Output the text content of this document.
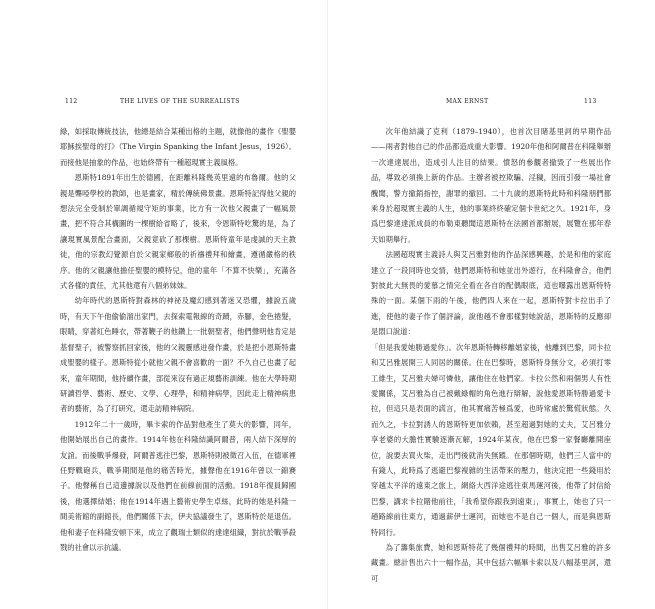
112	THE LIVES OF THE SURREALISTS

綠，如採取傳統技法，他總是結合某種出格的主題，就像他的畫作《聖嬰耶穌挨聖母的打》（The Virgin Spanking the Infant Jesus，1926）。而接他是抽象的作品，也始終帶有一種超現實主義風格。

恩斯特1891年出生於德國，在距離科隆幾英里遠的布魯爾。他的父親是聾啞學校的教師，也是畫家，精於傳統佛景畫。恩斯特記得他父親的想法完全受制於單調循規守矩的事業，比方有一次他父親畫了一幅風景畫，把不符合其構圖的一棵樹給省略了，後來，令恩斯特吃驚的是，為了讓現實風景配合畫面，父親竟砍了那棵樹。恩斯特童年是虔誠的天主教徒，他的宗教幻覺源自於父親家鄉般的祈禱禮拜和繪畫，遵循嚴格的秩序。他的父親讓他擔任聖嬰的模特兒，他的童年「不算不快樂」，充滿各式各樣的責任，尤其他還有八個弟妹妹。

幼年時代的恩斯特對森林的神祕及魔幻感到著迷又恐懼，據說五歲時，有天下午他偷偷溜出家門，去探索電報線的奇蹟，赤腳，金色捲髮，眼睛，穿著紅色睡衣，帶著鞭子的他鑽上一批朝聖者，他們聲明他肯定是基督聖子，被警察抓回家後，他的父親靈感迸發作畫，於是把小恩斯特畫成聖嬰的樣子。恩斯特從小就他父親不會喜歡的一面？不久自己也畫了起來，童年期間，他持續作畫，部從來沒有過正規藝術訓練。他在大學時期研讀哲學、藝術、歷史、文學、心理學，和精神病學，因此走上精神病患者的藝術，為了打研究，還走訪精神病院。

1912年二十一歲時，畢卡索的作品對他產生了莫大的影響，同年，他開始展出自己的畫作。1914年他在科隆結識阿爾普，兩人結下深厚的友誼。而後戰爭爆發，阿爾普逃往巴黎，恩斯特則被徵召入伍，在德軍裡任野戰砲兵，戰爭期間是他的痛苦時光，據聲他在1916年曾以一錦賽子。他聲稱自己這邊據說以及他們在前線前面的活動。1918年復員歸國後，他選擇結婚；他在1914年遇上藝術史學生卓絲，此時的她是科隆一間美術館的副館長，他們關係下去，伊夫協議發生了，恩斯特於是退伍。他和妻子在科隆安頓下來，成立了觀瑞士類似的達達組織，對抗於戰爭殺戮的社會以示抗議。

MAX ERNST	113

次年他結識了克利（1879–1940），也首次目睹基里訶的早期作品——兩者對他自己的作品都造成重大影響。1920年他和阿爾普在科隆舉辦一次達達展出，造成引人注目的結果。憤怒的參觀者撤毀了一些展出作品，導致必須換上新的作品。主辦者被控欺騙、淫穢，因而引發一場社會醜聞，警方撤銷指控，謝罪的撤回。二十九歲的恩斯特此時和科隆朋們都乘身於超現實主義的人生，他的事業終終確定個卡世紀之久。1921年，身爲巴黎達達派成員的布勒東聽聞這恩斯特在法國首都辦展，展覽在那年春天如期舉行。

法國超現實主義詩人與艾呂雅對他的作品深感興趣，於是和他的家庭建立了一段同時也交情，他們恩斯特和她並出外遊行，在科隆會合，他們對彼此大無畏的愛慕之情完全看在各自的配偶眼底，這也曝露出恩斯特特殊的一面。某個下雨的午後，他們四人來在一起，恩斯特對卡拉出手了進，使他的妻子作了個評論，說他越不會那樣對她說話，恩斯特的反應卻是悶口說道：

「但是我愛她勝過愛你」。次年恩斯特轉移離婚家後，他離到巴黎，同卡拉和艾呂雅展開三人同居的關係。住在巴黎時，恩斯特身無分文，必須打零工維生，艾呂雅夫婦可憐他，讓他住在他們家。卡拉公然和兩個男人有性愛關係，艾呂雅為自己被戴綠帽的角色進行辯解，說他愛恩斯特勝過愛卡拉，但這只是表面的謊言，他其實痛苦極爲愛，也時常處於驚慌狀態。久而久之，卡拉對誘人的恩斯特更加依賴，甚至超過對她的丈夫，艾呂雅分享老婆的大膽性實驗逐漸瓦解，1924年某夜，他在巴黎一家餐廳離開座位，說要去買火柴，走出門後就消失無蹤。在那個時期，他們三人當中的有錢人，此時爲了逃避巴黎複雜的生活帶來的壓力，他決定把一些錢用於穿越太平洋的遠東之旅上，網絡大西洋途逃往東馬運河後，他帶了封信給巴黎，講求卡拉賭他前往，「我希望你跟我到遠東」，事實上，她也了只一趟路線前往東方，通過薪伊士運河，而她也不是自己一個人，而是與恩斯特同行。

為了籌集旅費，她和恩斯特花了幾個禮拜的時間，出售艾呂雅的許多藏畫。總計售出六十一幅作品，其中包括六幅畢卡索以及八幅基里訶，還可
